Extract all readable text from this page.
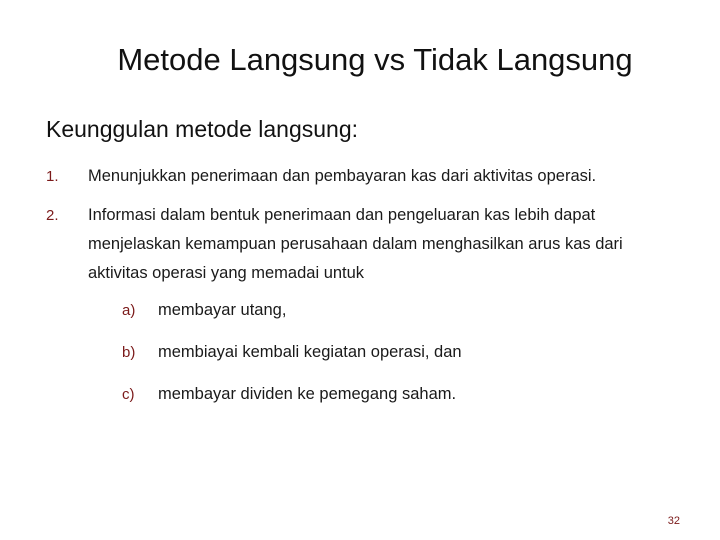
Metode Langsung vs Tidak Langsung
Keunggulan metode langsung:
1. Menunjukkan penerimaan dan pembayaran kas dari aktivitas operasi.
2. Informasi dalam bentuk penerimaan dan pengeluaran kas lebih dapat menjelaskan kemampuan perusahaan dalam menghasilkan arus kas dari aktivitas operasi yang memadai untuk
a) membayar utang,
b) membiayai kembali kegiatan operasi, dan
c) membayar dividen ke pemegang saham.
32
